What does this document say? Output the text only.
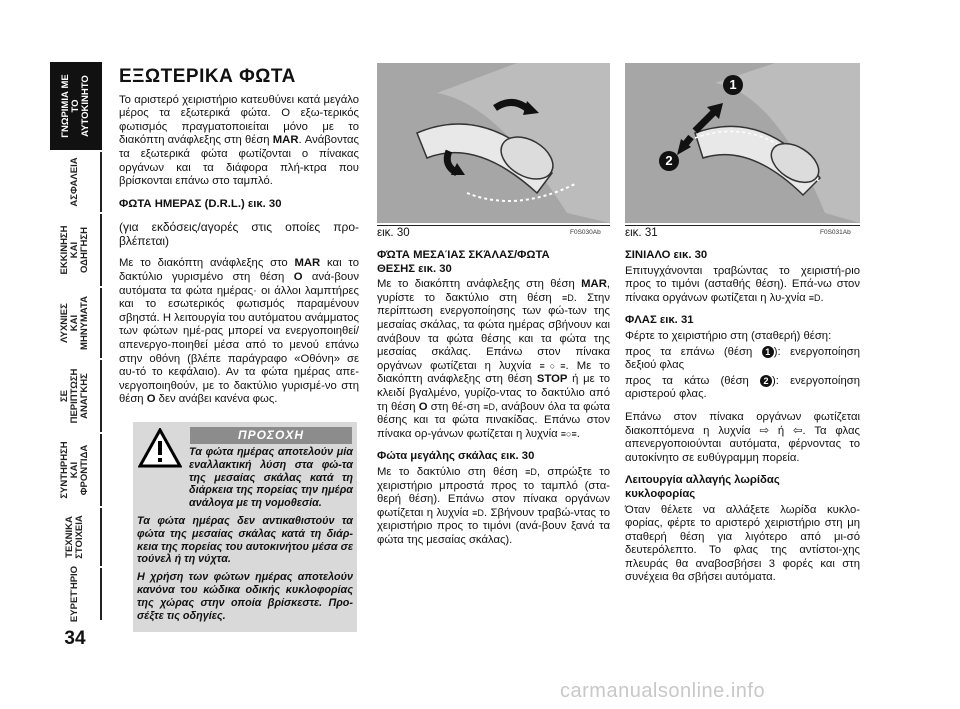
ΓΝΩΡΙΜΙΑ ΜΕ ΤΟ ΑΥΤΟΚΙΝΗΤΟ
ΑΣΦΑΛΕΙΑ
ΕΚΚΙΝΗΣΗ ΚΑΙ ΟΔΗΓΗΣΗ
ΛΥΧΝΙΕΣ ΚΑΙ ΜΗΝΥΜΑΤΑ
ΣΕ ΠΕΡΙΠΤΩΣΗ ΑΝΑΓΚΗΣ
ΣΥΝΤΗΡΗΣΗ ΚΑΙ ΦΡΟΝΤΙΔΑ
ΤΕΧΝΙΚΑ ΣΤΟΙΧΕΙΑ
ΕΥΡΕΤΉΡΙΟ
34
ΕΞΩΤΕΡΙΚΑ ΦΩΤΑ

Το αριστερό χειριστήριο κατευθύνει κατά μεγάλο μέρος τα εξωτερικά φώτα. Ο εξω-τερικός φωτισμός πραγματοποιείται μόνο με το διακόπτη ανάφλεξης στη θέση MAR. Ανάβοντας τα εξωτερικά φώτα φωτίζονται ο πίνακας οργάνων και τα διάφορα πλή-κτρα που βρίσκονται επάνω στο ταμπλό.

ΦΩΤΑ ΗΜΕΡΑΣ (D.R.L.) εικ. 30

(για εκδόσεις/αγορές στις οποίες προ-βλέπεται)

Με το διακόπτη ανάφλεξης στο MAR και το δακτύλιο γυρισμένο στη θέση O ανά-βουν αυτόματα τα φώτα ημέρας· οι άλλοι λαμπτήρες και το εσωτερικός φωτισμός παραμένουν σβηστά. Η λειτουργία του αυτόματου ανάμματος των φώτων ημέ-ρας μπορεί να ενεργοποιηθεί/απενεργο-ποιηθεί μέσα από το μενού επάνω στην οθόνη (βλέπε παράγραφο «Οθόνη» σε αυ-τό το κεφάλαιο). Αν τα φώτα ημέρας απε-νεργοποιηθούν, με το δακτύλιο γυρισμέ-νο στη θέση O δεν ανάβει κανένα φως.

ΠΡΟΣΟΧΗ

Τα φώτα ημέρας αποτελούν μία εναλλακτική λύση στα φώ-τα της μεσαίας σκάλας κατά τη διάρκεια της πορείας την ημέρα ανάλογα με τη νομοθεσία.

Τα φώτα ημέρας δεν αντικαθιστούν τα φώτα της μεσαίας σκάλας κατά τη διάρ-κεια της πορείας του αυτοκινήτου μέσα σε τούνελ ή τη νύχτα.

Η χρήση των φώτων ημέρας αποτελούν κανόνα του κώδικα οδικής κυκλοφορίας της χώρας στην οποία βρίσκεστε. Προ-σέξτε τις οδηγίες.

εικ. 30	F0S030Ab
1
2
εικ. 31	F0S031Ab

ΦΏΤΑ ΜΕΣΑΊΑΣ ΣΚΆΛΑΣ/ΦΩΤΑ

ΘΕΣΗΣ εικ. 30

Με το διακόπτη ανάφλεξης στη θέση MAR, γυρίστε το δακτύλιο στη θέση ≡D. Στην περίπτωση ενεργοποίησης των φώ-των της μεσαίας σκάλας, τα φώτα ημέρας σβήνουν και ανάβουν τα φώτα θέσης και τα φώτα της μεσαίας σκάλας. Επάνω στον πίνακα οργάνων φωτίζεται η λυχνία ≡○≡. Με το διακόπτη ανάφλεξης στη θέση STOP ή με το κλειδί βγαλμένο, γυρίζο-ντας το δακτύλιο από τη θέση O στη θέ-ση ≡D, ανάβουν όλα τα φώτα θέσης και τα φώτα πινακίδας. Επάνω στον πίνακα ορ-γάνων φωτίζεται η λυχνία ≡○≡.

Φώτα μεγάλης σκάλας εικ. 30

Με το δακτύλιο στη θέση ≡D, σπρώξτε το χειριστήριο μπροστά προς το ταμπλό (στα-θερή θέση). Επάνω στον πίνακα οργάνων φωτίζεται η λυχνία ≡D. Σβήνουν τραβώ-ντας το χειριστήριο προς το τιμόνι (ανά-βουν ξανά τα φώτα της μεσαίας σκάλας).

ΣΙΝΙΑΛΟ εικ. 30

Επιτυγχάνονται τραβώντας το χειριστή-ριο προς το τιμόνι (ασταθής θέση). Επά-νω στον πίνακα οργάνων φωτίζεται η λυ-χνία ≡D.

ΦΛΑΣ εικ. 31

Φέρτε το χειριστήριο στη (σταθερή) θέση:

προς τα επάνω (θέση 1 ): ενεργοποίηση δεξιού φλας

προς τα κάτω (θέση 2 ): ενεργοποίηση αριστερού φλας.

Επάνω στον πίνακα οργάνων φωτίζεται διακοπτόμενα η λυχνία ⇨ ή ⇦. Τα φλας απενεργοποιούνται αυτόματα, φέρνοντας το αυτοκίνητο σε ευθύγραμμη πορεία.

Λειτουργία αλλαγής λωρίδας

κυκλοφορίας

Όταν θέλετε να αλλάξετε λωρίδα κυκλο-φορίας, φέρτε το αριστερό χειριστήριο στη μη σταθερή θέση για λιγότερο από μι-σό δευτερόλεπτο. Το φλας της αντίστοι-χης πλευράς θα αναβοσβήσει 3 φορές και στη συνέχεια θα σβήσει αυτόματα.

carmanualsonline.info
